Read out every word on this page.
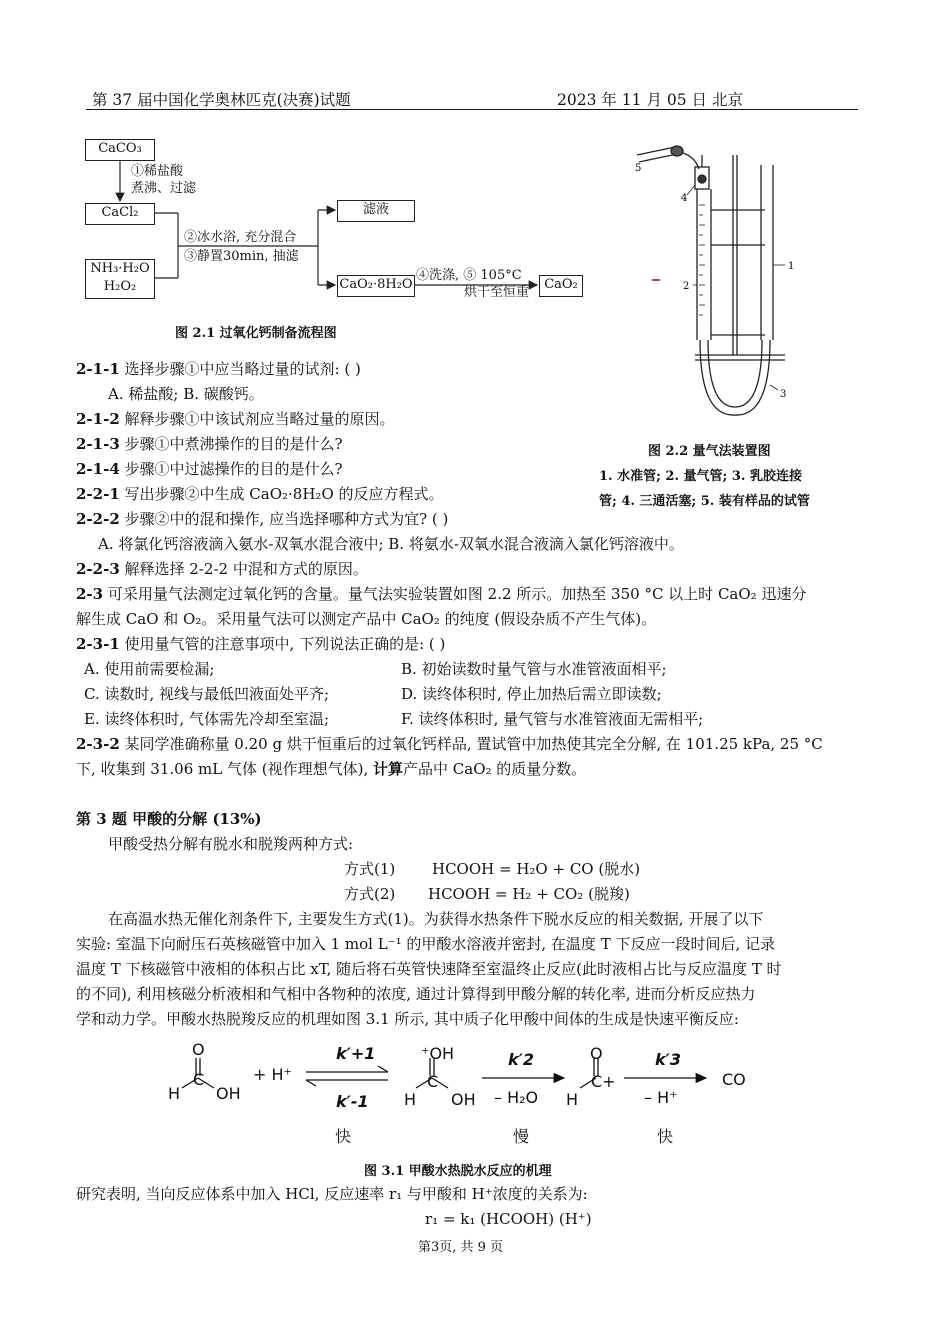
第 37 届中国化学奥林匹克(决赛)试题	2023 年 11 月 05 日 北京
CaCO₃
①稀盐酸
煮沸、过滤
CaCl₂
NH₃·H₂O
H₂O₂
②冰水浴, 充分混合
③静置30min, 抽滤
滤液
CaO₂·8H₂O
④洗涤, ⑤ 105°C
烘干至恒重
CaO₂
图 2.1 过氧化钙制备流程图
1
2
3
4
5
图 2.2 量气法装置图
1. 水准管; 2. 量气管; 3. 乳胶连接
管; 4. 三通活塞; 5. 装有样品的试管
2-1-1 选择步骤①中应当略过量的试剂: ( )
A. 稀盐酸; B. 碳酸钙。
2-1-2 解释步骤①中该试剂应当略过量的原因。
2-1-3 步骤①中煮沸操作的目的是什么?
2-1-4 步骤①中过滤操作的目的是什么?
2-2-1 写出步骤②中生成 CaO₂·8H₂O 的反应方程式。
2-2-2 步骤②中的混和操作, 应当选择哪种方式为宜? ( )
A. 将氯化钙溶液滴入氨水-双氧水混合液中; B. 将氨水-双氧水混合液滴入氯化钙溶液中。
2-2-3 解释选择 2-2-2 中混和方式的原因。
2-3 可采用量气法测定过氧化钙的含量。量气法实验装置如图 2.2 所示。加热至 350 °C 以上时 CaO₂ 迅速分
解生成 CaO 和 O₂。采用量气法可以测定产品中 CaO₂ 的纯度 (假设杂质不产生气体)。
2-3-1 使用量气管的注意事项中, 下列说法正确的是: ( )
A. 使用前需要检漏;	B. 初始读数时量气管与水准管液面相平;
C. 读数时, 视线与最低凹液面处平齐;	D. 读终体积时, 停止加热后需立即读数;
E. 读终体积时, 气体需先冷却至室温;	F. 读终体积时, 量气管与水准管液面无需相平;
2-3-2 某同学准确称量 0.20 g 烘干恒重后的过氧化钙样品, 置试管中加热使其完全分解, 在 101.25 kPa, 25 °C
下, 收集到 31.06 mL 气体 (视作理想气体), 计算产品中 CaO₂ 的质量分数。
第 3 题 甲酸的分解 (13%)
甲酸受热分解有脱水和脱羧两种方式:
方式(1) HCOOH = H₂O + CO (脱水)
方式(2) HCOOH = H₂ + CO₂ (脱羧)
在高温水热无催化剂条件下, 主要发生方式(1)。为获得水热条件下脱水反应的相关数据, 开展了以下
实验: 室温下向耐压石英核磁管中加入 1 mol L⁻¹ 的甲酸水溶液并密封, 在温度 T 下反应一段时间后, 记录
温度 T 下核磁管中液相的体积占比 xT, 随后将石英管快速降至室温终止反应(此时液相占比与反应温度 T 时
的不同), 利用核磁分析液相和气相中各物种的浓度, 通过计算得到甲酸分解的转化率, 进而分析反应热力
学和动力学。甲酸水热脱羧反应的机理如图 3.1 所示, 其中质子化甲酸中间体的生成是快速平衡反应:
O
H
C
OH
+ H⁺
k′+1
k′-1
⁺OH
H
C
OH
k′2
– H₂O
O
H
C+
k′3
– H⁺
CO
快	慢	快
图 3.1 甲酸水热脱水反应的机理
研究表明, 当向反应体系中加入 HCl, 反应速率 r₁ 与甲酸和 H⁺浓度的关系为:
r₁ = k₁ (HCOOH) (H⁺)
第3页, 共 9 页
